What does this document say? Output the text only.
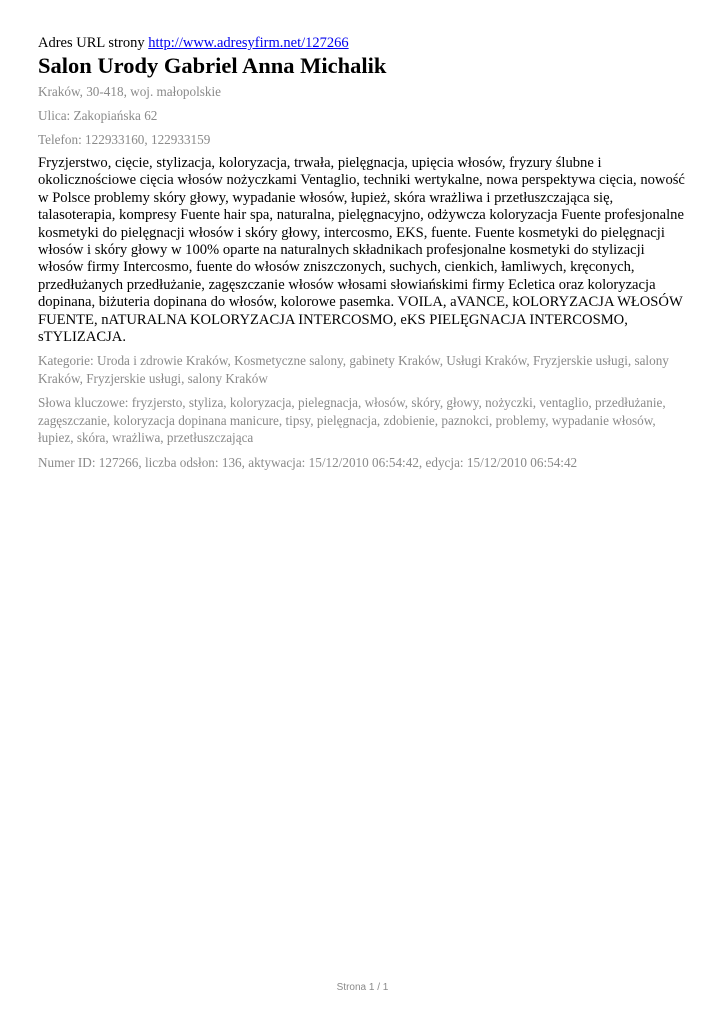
Adres URL strony http://www.adresyfirm.net/127266

Salon Urody Gabriel Anna Michalik

Kraków, 30-418, woj. małopolskie

Ulica: Zakopiańska 62

Telefon: 122933160, 122933159

Fryzjerstwo, cięcie, stylizacja, koloryzacja, trwała, pielęgnacja, upięcia włosów, fryzury ślubne i okolicznościowe cięcia włosów nożyczkami Ventaglio, techniki wertykalne, nowa perspektywa cięcia, nowość w Polsce problemy skóry głowy, wypadanie włosów, łupież, skóra wrażliwa i przetłuszczająca się, talasoterapia, kompresy Fuente hair spa, naturalna, pielęgnacyjno, odżywcza koloryzacja Fuente profesjonalne kosmetyki do pielęgnacji włosów i skóry głowy, intercosmo, EKS, fuente. Fuente kosmetyki do pielęgnacji włosów i skóry głowy w 100% oparte na naturalnych składnikach profesjonalne kosmetyki do stylizacji włosów firmy Intercosmo, fuente do włosów zniszczonych, suchych, cienkich, łamliwych, kręconych, przedłużanych przedłużanie, zagęszczanie włosów włosami słowiańskimi firmy Ecletica oraz koloryzacja dopinana, biżuteria dopinana do włosów, kolorowe pasemka. VOILA, aVANCE, kOLORYZACJA WŁOSÓW FUENTE, nATURALNA KOLORYZACJA INTERCOSMO, eKS PIELĘGNACJA INTERCOSMO, sTYLIZACJA.

Kategorie: Uroda i zdrowie Kraków, Kosmetyczne salony, gabinety Kraków, Usługi Kraków, Fryzjerskie usługi, salony Kraków, Fryzjerskie usługi, salony Kraków

Słowa kluczowe: fryzjersto, styliza, koloryzacja, pielegnacja, włosów, skóry, głowy, nożyczki, ventaglio, przedłużanie, zagęszczanie, koloryzacja dopinana manicure, tipsy, pielęgnacja, zdobienie, paznokci, problemy, wypadanie włosów, łupiez, skóra, wrażliwa, przetłuszczająca

Numer ID: 127266, liczba odsłon: 136, aktywacja: 15/12/2010 06:54:42, edycja: 15/12/2010 06:54:42

Strona 1 / 1
